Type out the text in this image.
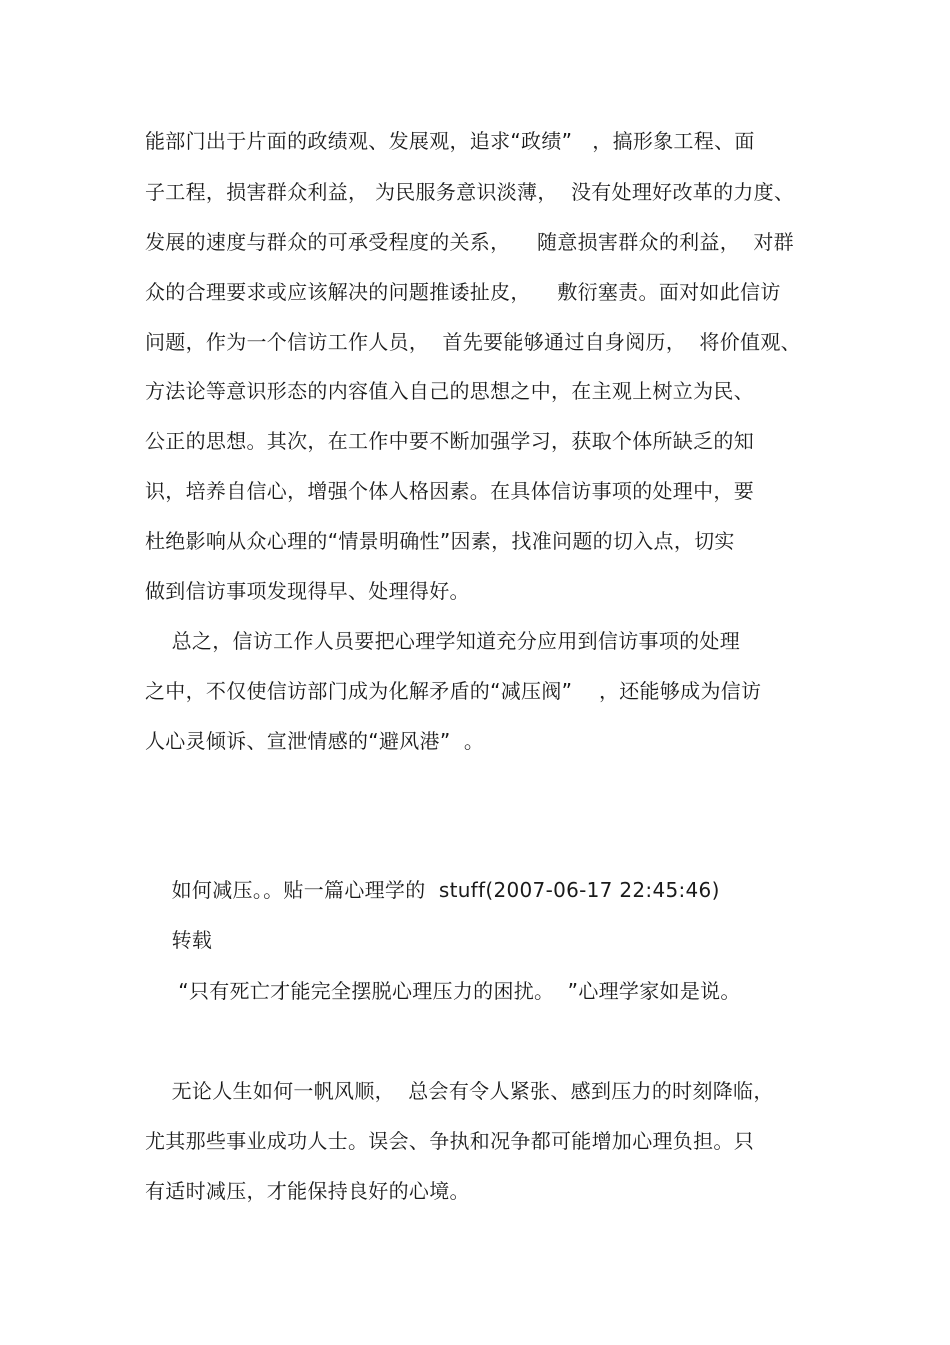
能部门出于片面的政绩观、发展观，追求“政绩”   ，搞形象工程、面
子工程，损害群众利益， 为民服务意识淡薄，  没有处理好改革的力度、
发展的速度与群众的可承受程度的关系，    随意损害群众的利益，  对群
众的合理要求或应该解决的问题推诿扯皮，    敷衍塞责。面对如此信访
问题，作为一个信访工作人员，  首先要能够通过自身阅历，  将价值观、
方法论等意识形态的内容值入自己的思想之中，在主观上树立为民、
公正的思想。其次，在工作中要不断加强学习，获取个体所缺乏的知
识，培养自信心，增强个体人格因素。在具体信访事项的处理中，要
杜绝影响从众心理的“情景明确性”因素，找准问题的切入点，切实
做到信访事项发现得早、处理得好。
总之，信访工作人员要把心理学知道充分应用到信访事项的处理
之中，不仅使信访部门成为化解矛盾的“减压阀”    ，还能够成为信访
人心灵倾诉、宣泄情感的“避风港”  。
如何减压。。贴一篇心理学的  stuff(2007-06-17 22:45:46)
转载
“只有死亡才能完全摆脱心理压力的困扰。  ”心理学家如是说。
无论人生如何一帆风顺，  总会有令人紧张、感到压力的时刻降临，
尤其那些事业成功人士。误会、争执和况争都可能增加心理负担。只
有适时减压，才能保持良好的心境。
